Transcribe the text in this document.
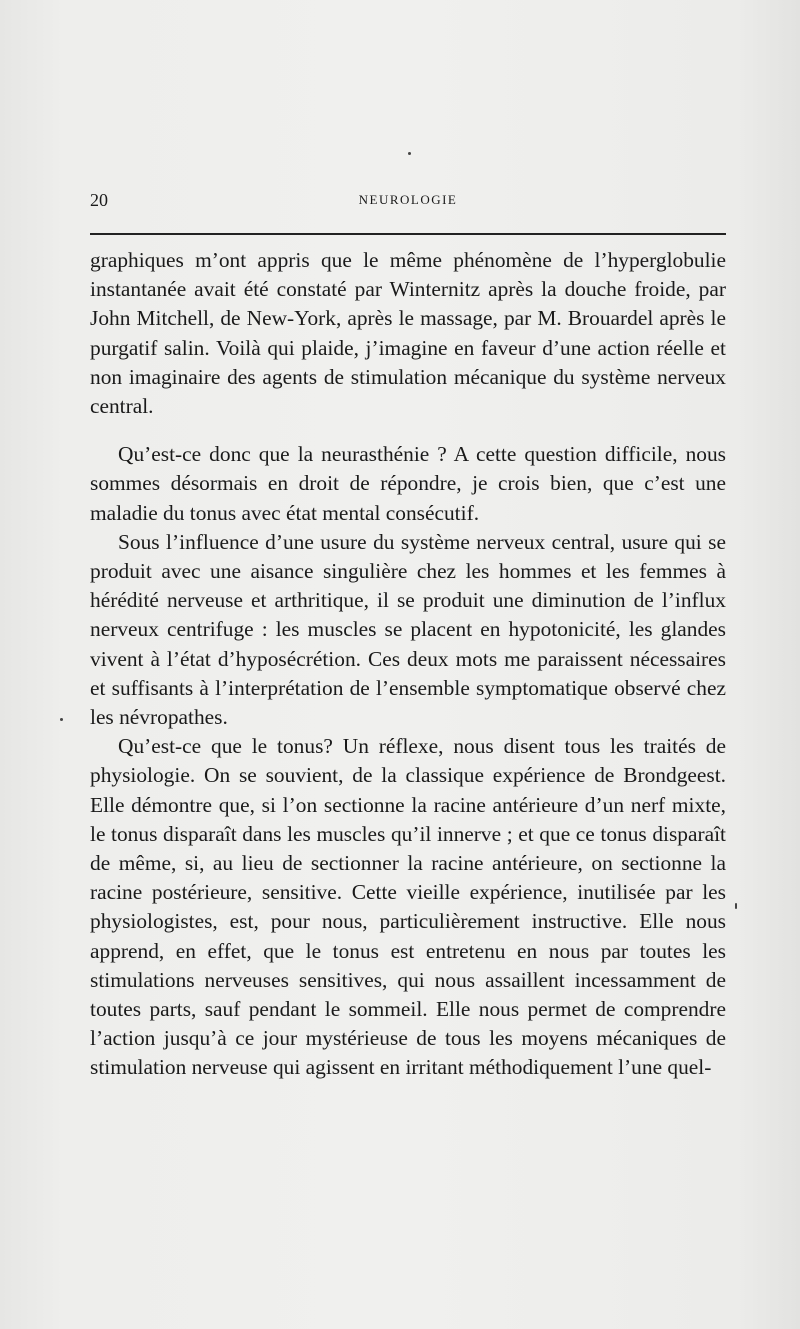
20	NEUROLOGIE

graphiques m’ont appris que le même phénomène de l’hyperglobulie instantanée avait été constaté par Winternitz après la douche froide, par John Mitchell, de New-York, après le massage, par M. Brouardel après le purgatif salin. Voilà qui plaide, j’imagine en faveur d’une action réelle et non imaginaire des agents de stimulation mécanique du système nerveux central.

Qu’est-ce donc que la neurasthénie ? A cette question difficile, nous sommes désormais en droit de répondre, je crois bien, que c’est une maladie du tonus avec état mental consécutif.

Sous l’influence d’une usure du système nerveux central, usure qui se produit avec une aisance singulière chez les hommes et les femmes à hérédité nerveuse et arthritique, il se produit une diminution de l’influx nerveux centrifuge : les muscles se placent en hypotonicité, les glandes vivent à l’état d’hyposécrétion. Ces deux mots me paraissent nécessaires et suffisants à l’interprétation de l’ensemble symptomatique observé chez les névropathes.

Qu’est-ce que le tonus? Un réflexe, nous disent tous les traités de physiologie. On se souvient, de la classique expérience de Brondgeest. Elle démontre que, si l’on sectionne la racine antérieure d’un nerf mixte, le tonus disparaît dans les muscles qu’il innerve ; et que ce tonus disparaît de même, si, au lieu de sectionner la racine antérieure, on sectionne la racine postérieure, sensitive. Cette vieille expérience, inutilisée par les physiologistes, est, pour nous, particulièrement instructive. Elle nous apprend, en effet, que le tonus est entretenu en nous par toutes les stimulations nerveuses sensitives, qui nous assaillent incessamment de toutes parts, sauf pendant le sommeil. Elle nous permet de comprendre l’action jusqu’à ce jour mystérieuse de tous les moyens mécaniques de stimulation nerveuse qui agissent en irritant méthodiquement l’une quel-
